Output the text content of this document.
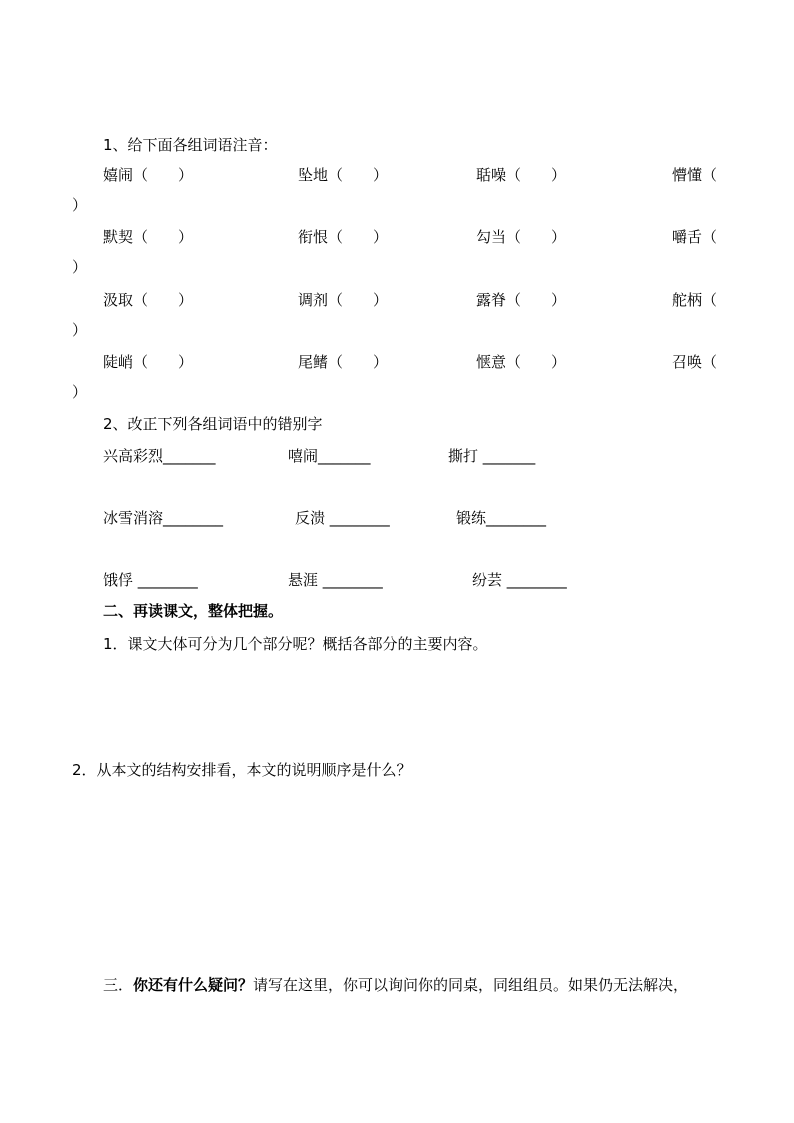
1、给下面各组词语注音：
嬉闹（　　）	坠地（　　）	聒噪（　　）	懵懂（
）
默契（　　）	衔恨（　　）	勾当（　　）	嚼舌（
）
汲取（　　）	调剂（　　）	露脊（　　）	舵柄（
）
陡峭（　　）	尾鳍（　　）	惬意（　　）	召唤（
）
2、改正下列各组词语中的错别字
兴高彩烈_______	嘻闹_______	撕打 _______
冰雪消溶________	反溃 ________	锻练________
饿俘 ________	悬涯 ________	纷芸 ________
二、再读课文，整体把握。
1．课文大体可分为几个部分呢？概括各部分的主要内容。
2．从本文的结构安排看，本文的说明顺序是什么？
三．你还有什么疑问？请写在这里，你可以询问你的同桌，同组组员。如果仍无法解决，
